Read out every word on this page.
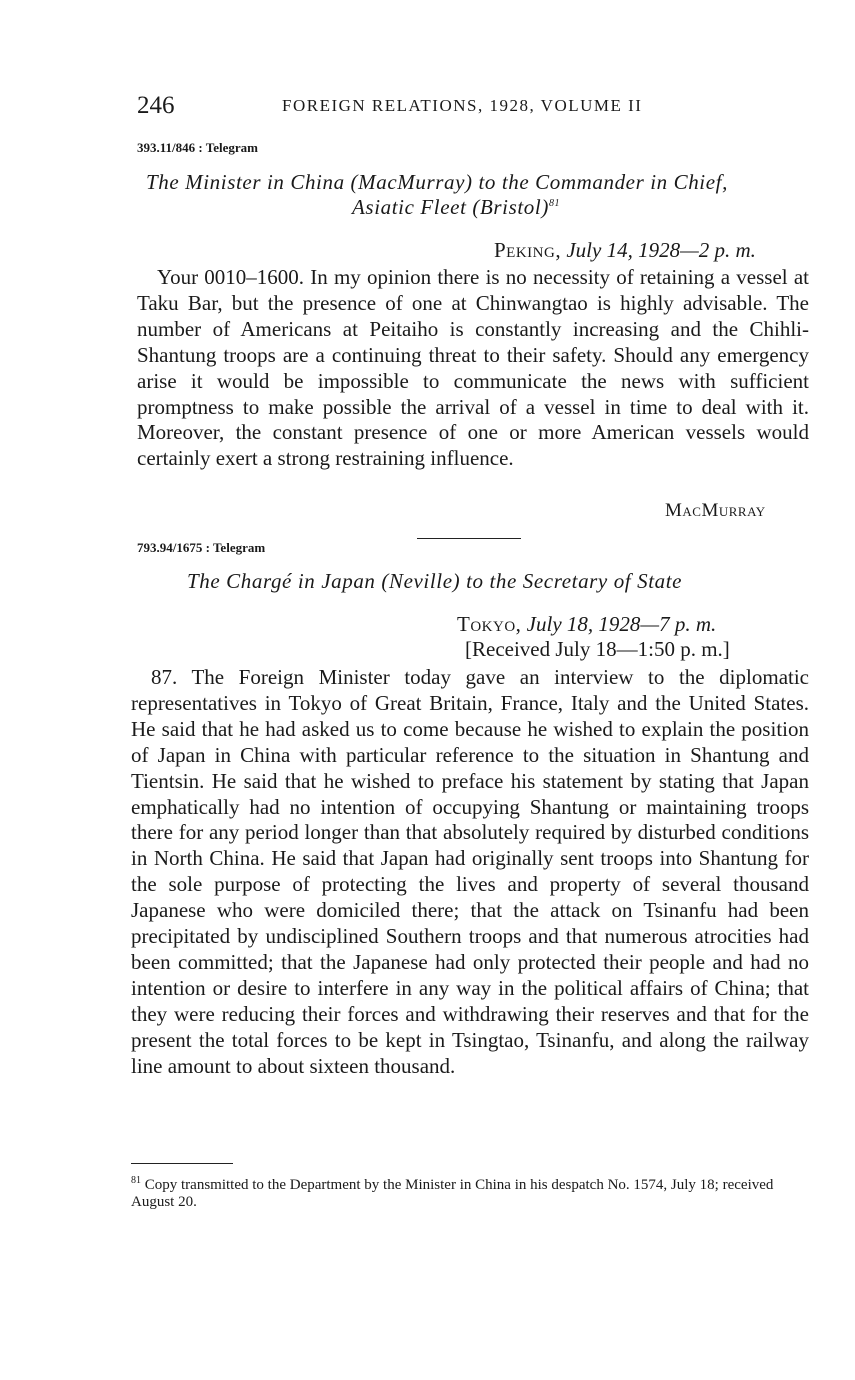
246	FOREIGN RELATIONS, 1928, VOLUME II
393.11/846 : Telegram
The Minister in China (MacMurray) to the Commander in Chief,
Asiatic Fleet (Bristol)$^{81}$
Peking, July 14, 1928—2 p. m.

Your 0010–1600. In my opinion there is no necessity of retaining a vessel at Taku Bar, but the presence of one at Chinwangtao is highly advisable. The number of Americans at Peitaiho is constantly increasing and the Chihli-Shantung troops are a continuing threat to their safety. Should any emergency arise it would be impossible to communicate the news with sufficient promptness to make possible the arrival of a vessel in time to deal with it. Moreover, the constant presence of one or more American vessels would certainly exert a strong restraining influence.

MacMurray
793.94/1675 : Telegram
The Chargé in Japan (Neville) to the Secretary of State
Tokyo, July 18, 1928—7 p. m.
[Received July 18—1:50 p. m.]

87. The Foreign Minister today gave an interview to the diplomatic representatives in Tokyo of Great Britain, France, Italy and the United States. He said that he had asked us to come because he wished to explain the position of Japan in China with particular reference to the situation in Shantung and Tientsin. He said that he wished to preface his statement by stating that Japan emphatically had no intention of occupying Shantung or maintaining troops there for any period longer than that absolutely required by disturbed conditions in North China. He said that Japan had originally sent troops into Shantung for the sole purpose of protecting the lives and property of several thousand Japanese who were domiciled there; that the attack on Tsinanfu had been precipitated by undisciplined Southern troops and that numerous atrocities had been committed; that the Japanese had only protected their people and had no intention or desire to interfere in any way in the political affairs of China; that they were reducing their forces and withdrawing their reserves and that for the present the total forces to be kept in Tsingtao, Tsinanfu, and along the railway line amount to about sixteen thousand.

$^{81}$ Copy transmitted to the Department by the Minister in China in his despatch No. 1574, July 18; received August 20.
